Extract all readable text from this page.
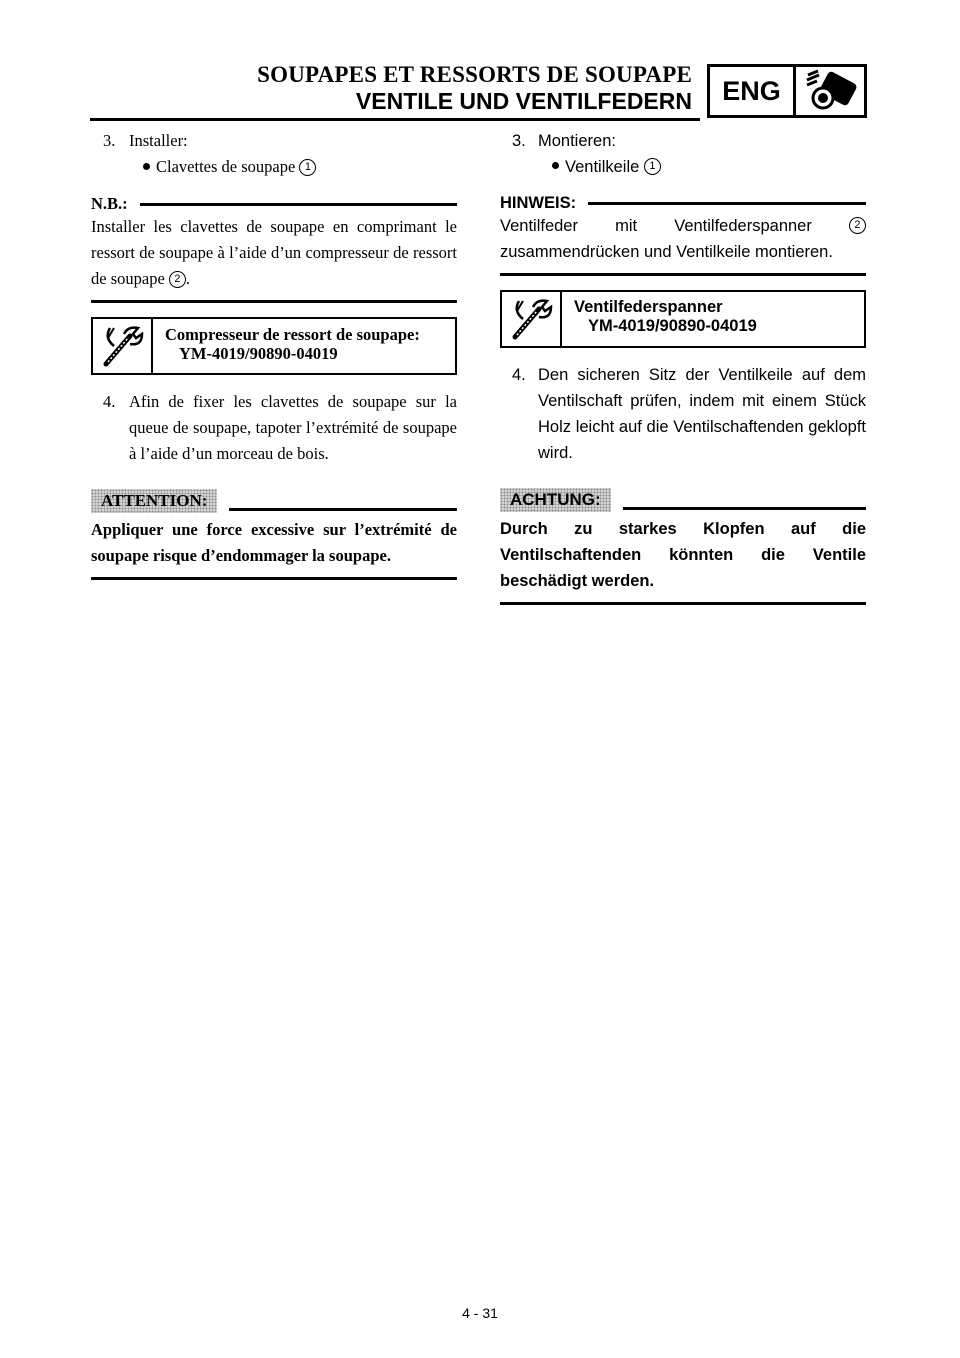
SOUPAPES ET RESSORTS DE SOUPAPE
VENTILE UND VENTILFEDERN	ENG

3. Installer:

Clavettes de soupape 1
N.B.:
Installer les clavettes de soupape en comprimant le ressort de soupape à l’aide d’un compresseur de ressort de soupape 2 .
Compresseur de ressort de soupape:
YM-4019/90890-04019
4. Afin de fixer les clavettes de soupape sur la queue de soupape, tapoter l’extrémité de soupape à l’aide d’un morceau de bois.
ATTENTION:
Appliquer une force excessive sur l’extrémité de soupape risque d’endommager la soupape.

3. Montieren:

Ventilkeile 1
HINWEIS:
Ventilfeder mit Ventilfederspanner	2 zusammendrücken und Ventilkeile montieren.
Ventilfederspanner
YM-4019/90890-04019
4. Den sicheren Sitz der Ventilkeile auf dem Ventilschaft prüfen, indem mit einem Stück Holz leicht auf die Ventilschaftenden geklopft wird.
ACHTUNG:
Durch zu starkes Klopfen auf die Ventilschaftenden könnten die Ventile beschädigt werden.
4 - 31
